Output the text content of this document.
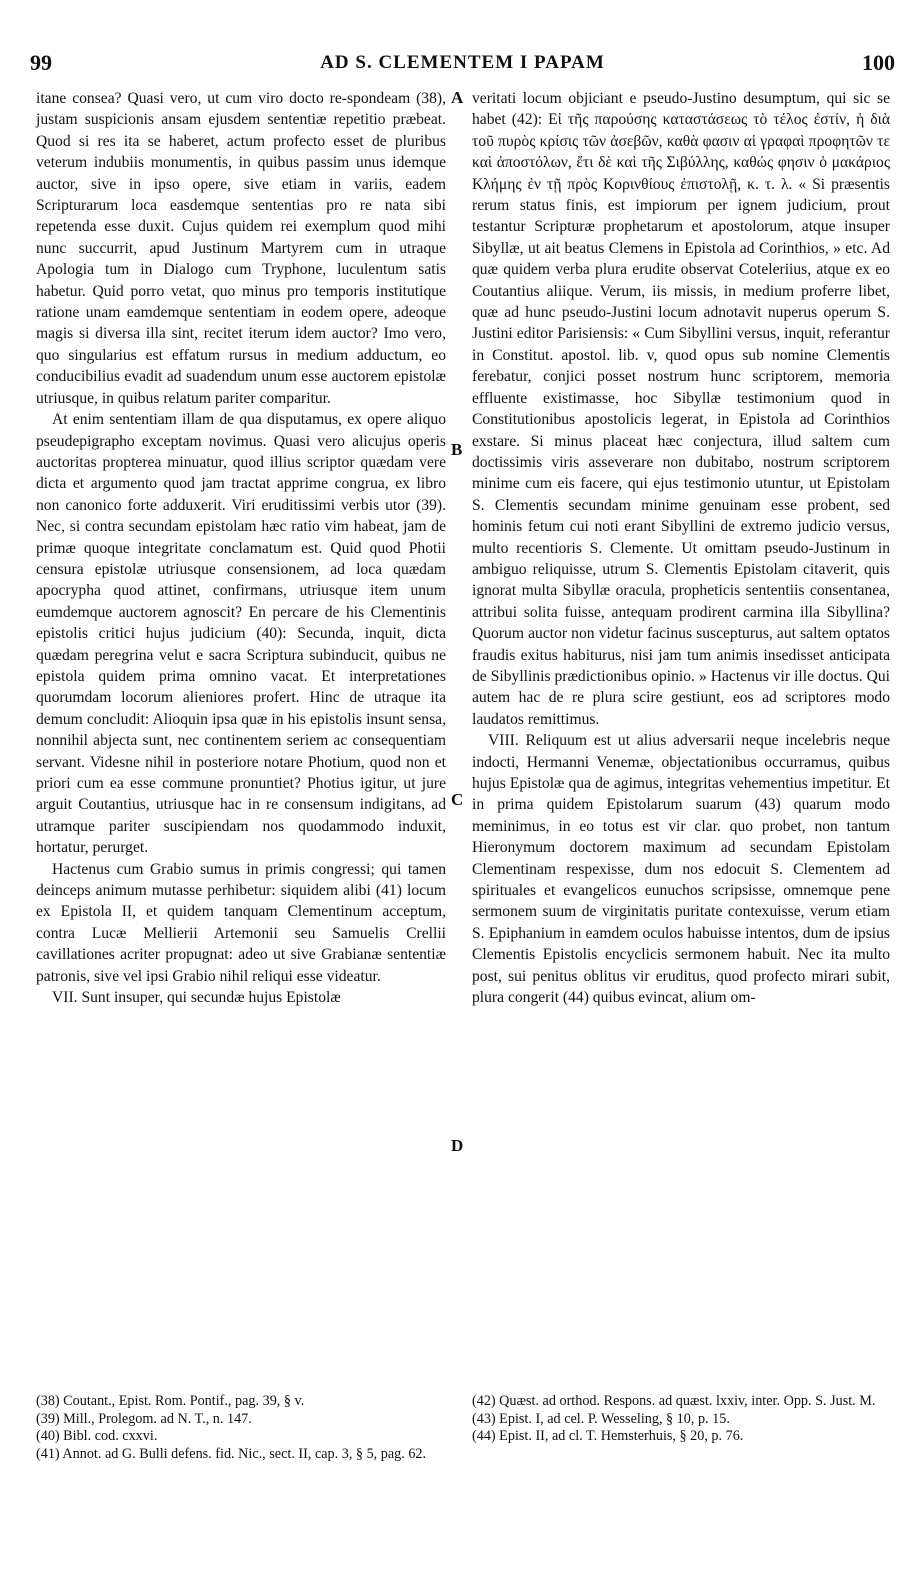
99	AD S. CLEMENTEM I PAPAM	100

itane consea? Quasi vero, ut cum viro docto re-spondeam (38), justam suspicionis ansam ejusdem sententiæ repetitio præbeat. Quod si res ita se haberet, actum profecto esset de pluribus veterum indubiis monumentis, in quibus passim unus idemque auctor, sive in ipso opere, sive etiam in variis, eadem Scripturarum loca easdemque sententias pro re nata sibi repetenda esse duxit. Cujus quidem rei exemplum quod mihi nunc succurrit, apud Justinum Martyrem cum in utraque Apologia tum in Dialogo cum Tryphone, luculentum satis habetur. Quid porro vetat, quo minus pro temporis institutique ratione unam eamdemque sententiam in eodem opere, adeoque magis si diversa illa sint, recitet iterum idem auctor? Imo vero, quo singularius est effatum rursus in medium adductum, eo conducibilius evadit ad suadendum unum esse auctorem epistolæ utriusque, in quibus relatum pariter comparitur.

At enim sententiam illam de qua disputamus, ex opere aliquo pseudepigrapho exceptam novimus. Quasi vero alicujus operis auctoritas propterea minuatur, quod illius scriptor quædam vere dicta et argumento quod jam tractat apprime congrua, ex libro non canonico forte adduxerit. Viri eruditissimi verbis utor (39). Nec, si contra secundam epistolam hæc ratio vim habeat, jam de primæ quoque integritate conclamatum est. Quid quod Photii censura epistolæ utriusque consensionem, ad loca quædam apocrypha quod attinet, confirmans, utriusque item unum eumdemque auctorem agnoscit? En percare de his Clementinis epistolis critici hujus judicium (40): Secunda, inquit, dicta quædam peregrina velut e sacra Scriptura subinducit, quibus ne epistola quidem prima omnino vacat. Et interpretationes quorumdam locorum alieniores profert. Hinc de utraque ita demum concludit: Alioquin ipsa quæ in his epistolis insunt sensa, nonnihil abjecta sunt, nec continentem seriem ac consequentiam servant. Videsne nihil in posteriore notare Photium, quod non et priori cum ea esse commune pronuntiet? Photius igitur, ut jure arguit Coutantius, utriusque hac in re consensum indigitans, ad utramque pariter suscipiendam nos quodammodo induxit, hortatur, perurget.

Hactenus cum Grabio sumus in primis congressi; qui tamen deinceps animum mutasse perhibetur: siquidem alibi (41) locum ex Epistola II, et quidem tanquam Clementinum acceptum, contra Lucæ Mellierii Artemonii seu Samuelis Crellii cavillationes acriter propugnat: adeo ut sive Grabianæ sententiæ patronis, sive vel ipsi Grabio nihil reliqui esse videatur.

VII. Sunt insuper, qui secundæ hujus Epistolæ

A
B
C
D

veritati locum objiciant e pseudo-Justino desumptum, qui sic se habet (42): Εἰ τῆς παρούσης καταστάσεως τὸ τέλος ἐστίν, ἡ διὰ τοῦ πυρὸς κρίσις τῶν ἀσεβῶν, καθὰ φασιν αἱ γραφαὶ προφητῶν τε καὶ ἀποστόλων, ἔτι δὲ καὶ τῆς Σιβύλλης, καθώς φησιν ὁ μακάριος Κλήμης ἐν τῇ πρὸς Κορινθίους ἐπιστολῇ, κ. τ. λ. « Si præsentis rerum status finis, est impiorum per ignem judicium, prout testantur Scripturæ prophetarum et apostolorum, atque insuper Sibyllæ, ut ait beatus Clemens in Epistola ad Corinthios, » etc. Ad quæ quidem verba plura erudite observat Coteleriius, atque ex eo Coutantius aliique. Verum, iis missis, in medium proferre libet, quæ ad hunc pseudo-Justini locum adnotavit nuperus operum S. Justini editor Parisiensis: « Cum Sibyllini versus, inquit, referantur in Constitut. apostol. lib. v, quod opus sub nomine Clementis ferebatur, conjici posset nostrum hunc scriptorem, memoria effluente existimasse, hoc Sibyllæ testimonium quod in Constitutionibus apostolicis legerat, in Epistola ad Corinthios exstare. Si minus placeat hæc conjectura, illud saltem cum doctissimis viris asseverare non dubitabo, nostrum scriptorem minime cum eis facere, qui ejus testimonio utuntur, ut Epistolam S. Clementis secundam minime genuinam esse probent, sed hominis fetum cui noti erant Sibyllini de extremo judicio versus, multo recentioris S. Clemente. Ut omittam pseudo-Justinum in ambiguo reliquisse, utrum S. Clementis Epistolam citaverit, quis ignorat multa Sibyllæ oracula, propheticis sententiis consentanea, attribui solita fuisse, antequam prodirent carmina illa Sibyllina? Quorum auctor non videtur facinus suscepturus, aut saltem optatos fraudis exitus habiturus, nisi jam tum animis insedisset anticipata de Sibyllinis prædictionibus opinio. » Hactenus vir ille doctus. Qui autem hac de re plura scire gestiunt, eos ad scriptores modo laudatos remittimus.

VIII. Reliquum est ut alius adversarii neque incelebris neque indocti, Hermanni Venemæ, objectationibus occurramus, quibus hujus Epistolæ qua de agimus, integritas vehementius impetitur. Et in prima quidem Epistolarum suarum (43) quarum modo meminimus, in eo totus est vir clar. quo probet, non tantum Hieronymum doctorem maximum ad secundam Epistolam Clementinam respexisse, dum nos edocuit S. Clementem ad spirituales et evangelicos eunuchos scripsisse, omnemque pene sermonem suum de virginitatis puritate contexuisse, verum etiam S. Epiphanium in eamdem oculos habuisse intentos, dum de ipsius Clementis Epistolis encyclicis sermonem habuit. Nec ita multo post, sui penitus oblitus vir eruditus, quod profecto mirari subit, plura congerit (44) quibus evincat, alium om-

(38) Coutant., Epist. Rom. Pontif., pag. 39, § v.
(39) Mill., Prolegom. ad N. T., n. 147.
(40) Bibl. cod. cxxvi.
(41) Annot. ad G. Bulli defens. fid. Nic., sect. II, cap. 3, § 5, pag. 62.
(42) Quæst. ad orthod. Respons. ad quæst. lxxiv, inter. Opp. S. Just. M.
(43) Epist. I, ad cel. P. Wesseling, § 10, p. 15.
(44) Epist. II, ad cl. T. Hemsterhuis, § 20, p. 76.
